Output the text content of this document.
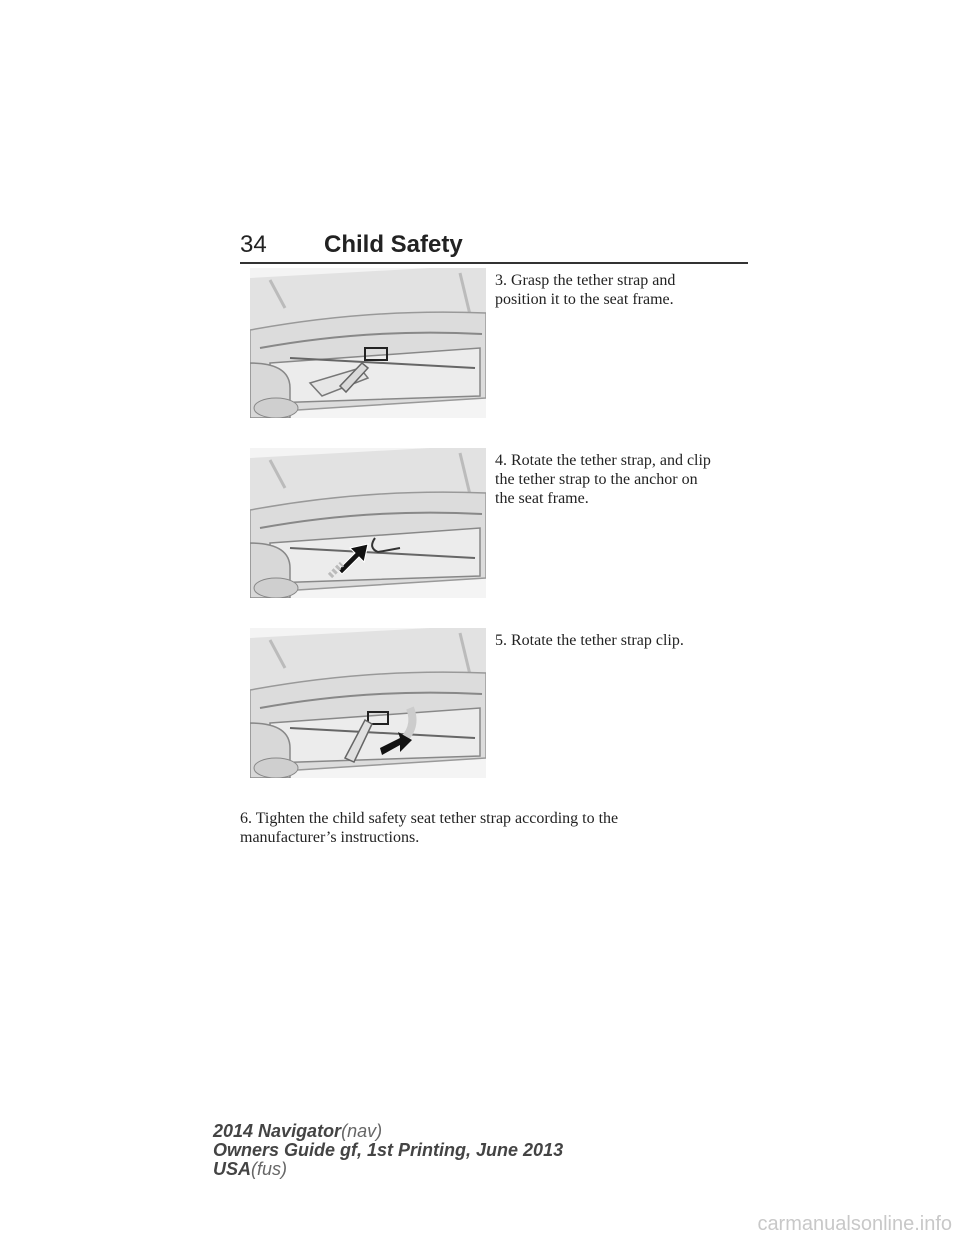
34 Child Safety
3. Grasp the tether strap and
position it to the seat frame.
4. Rotate the tether strap, and clip
the tether strap to the anchor on
the seat frame.
5. Rotate the tether strap clip.
6. Tighten the child safety seat tether strap according to the
manufacturer’s instructions.
2014 Navigator(nav)
Owners Guide gf, 1st Printing, June 2013
USA(fus)
carmanualsonline.info
